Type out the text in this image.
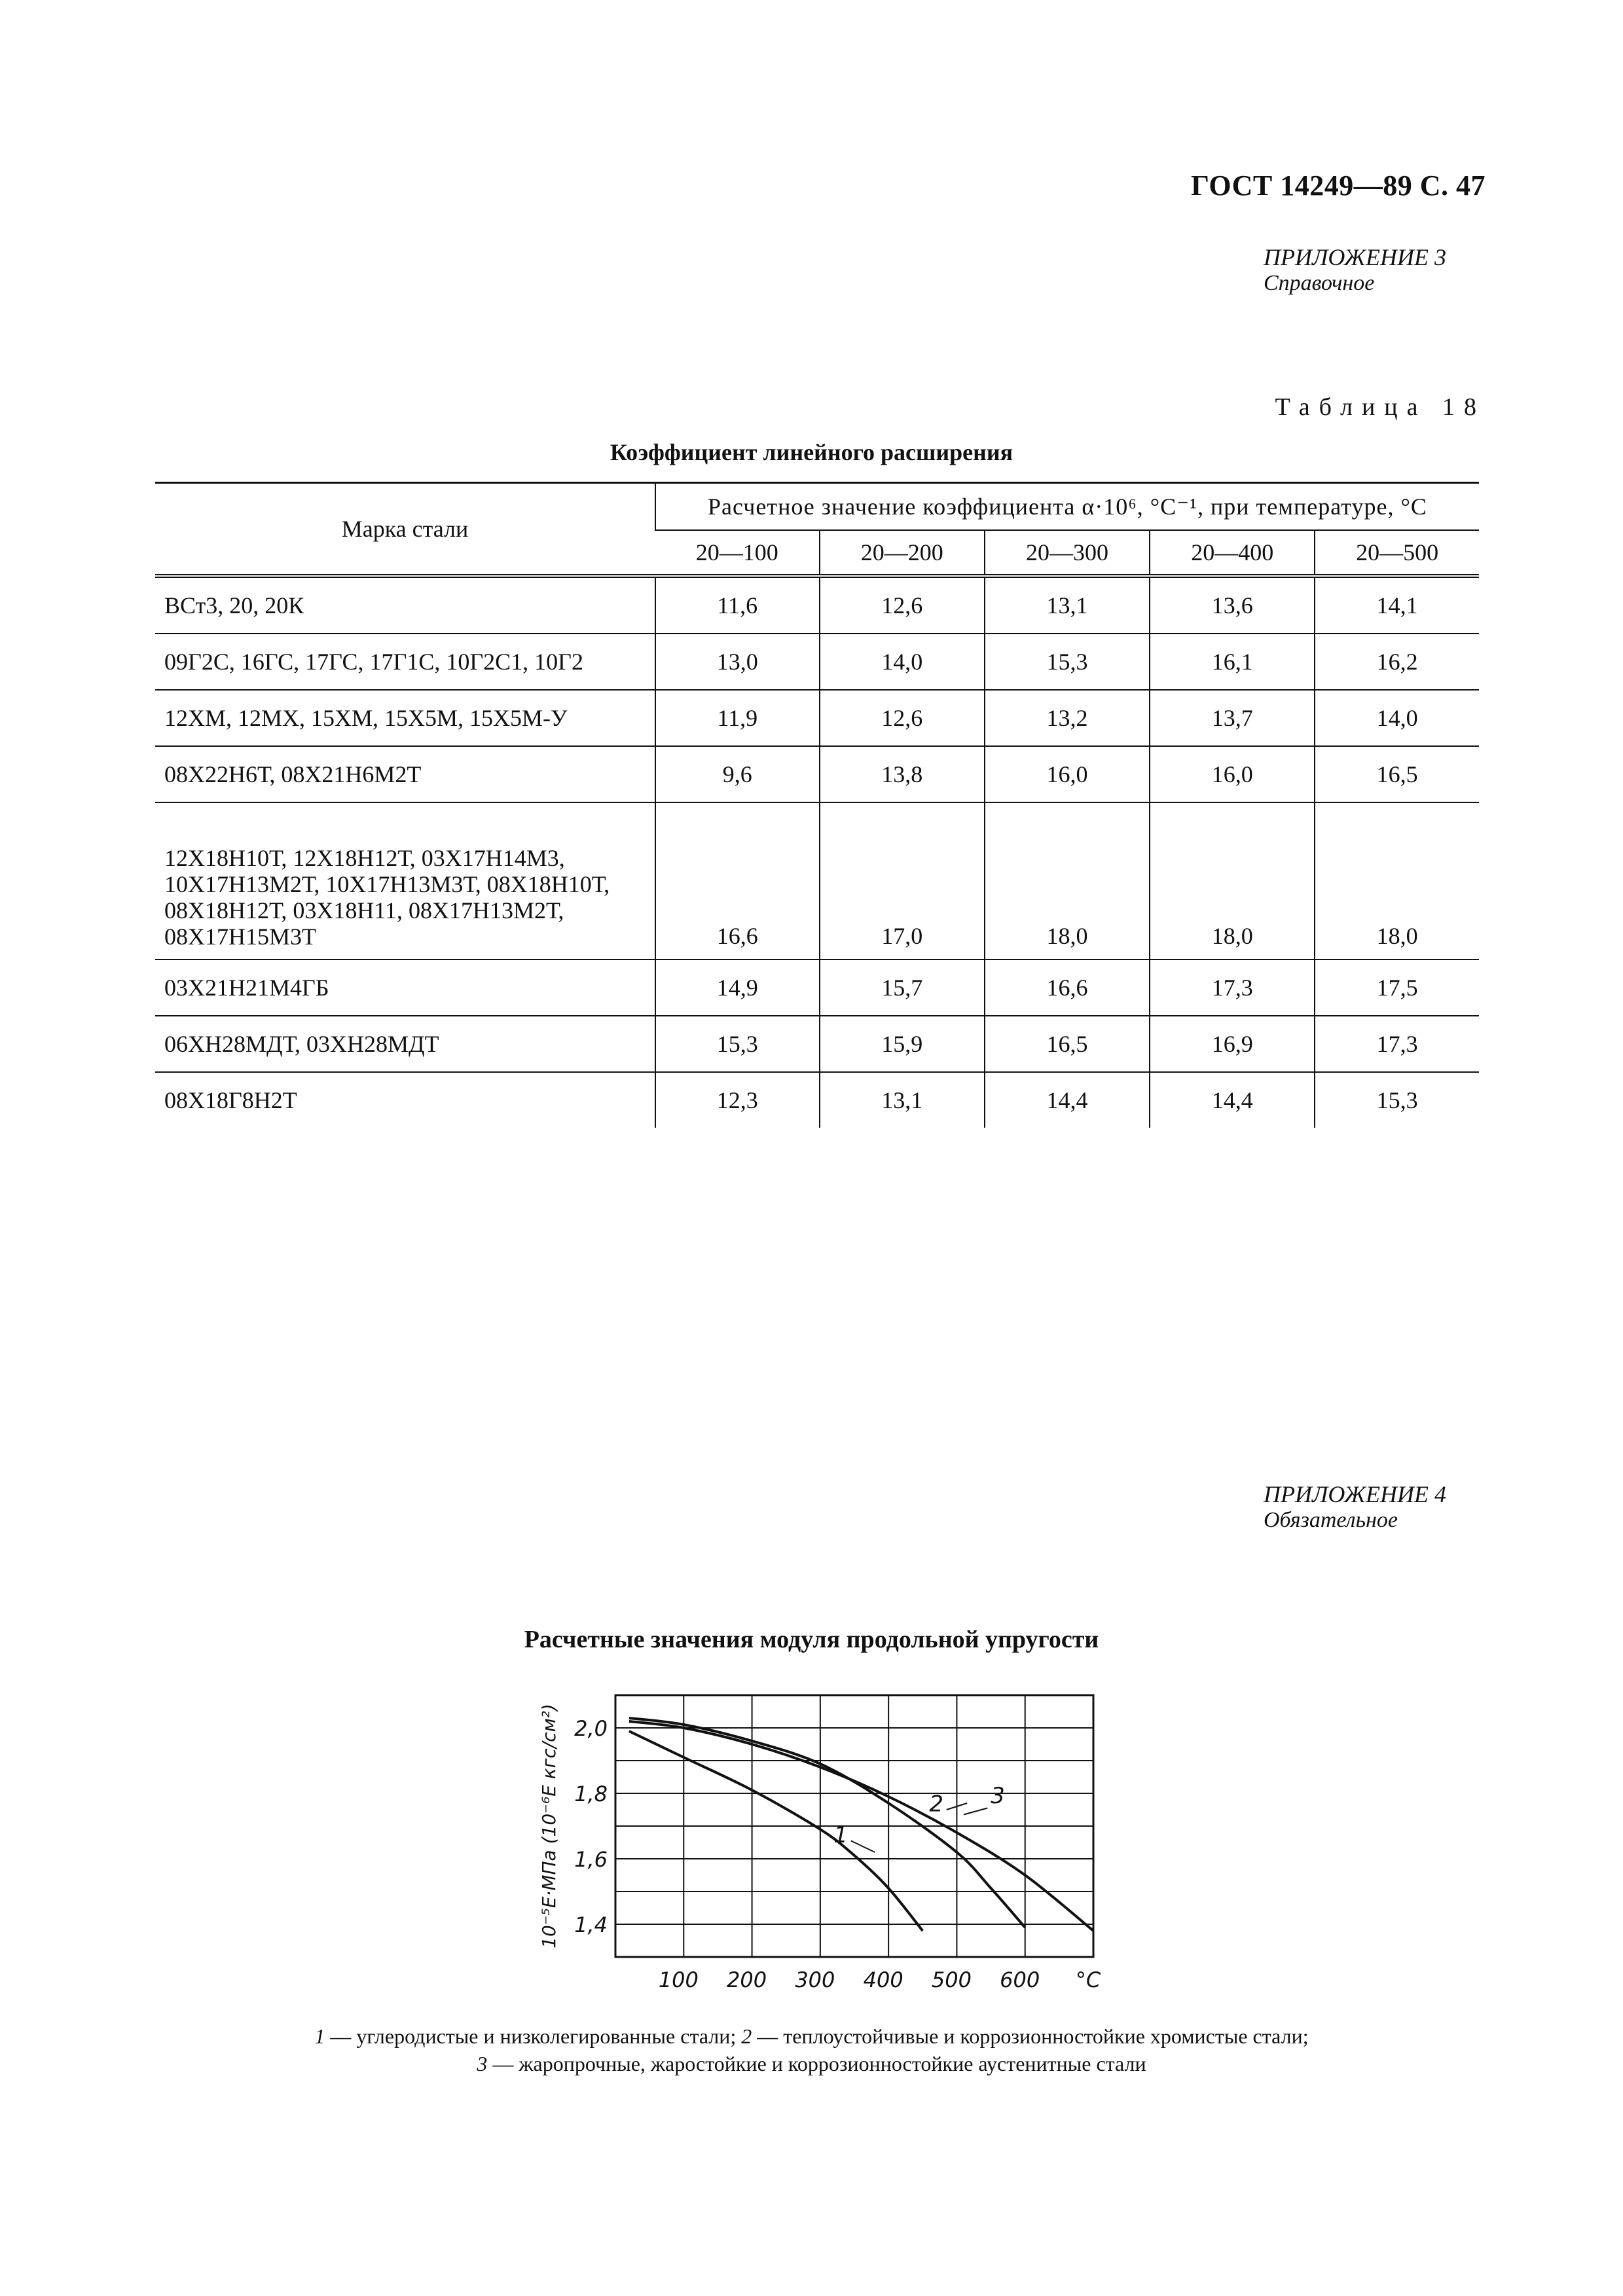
ГОСТ 14249—89 С. 47
ПРИЛОЖЕНИЕ 3
Справочное
Таблица 18
Коэффициент линейного расширения
Марка стали	Расчетное значение коэффициента α·10⁶, °C⁻¹, при температуре, °С				
	20—100	20—200	20—300	20—400	20—500
ВСт3, 20, 20К	11,6	12,6	13,1	13,6	14,1
09Г2С, 16ГС, 17ГС, 17Г1С, 10Г2С1, 10Г2	13,0	14,0	15,3	16,1	16,2
12ХМ, 12МХ, 15ХМ, 15Х5М, 15Х5М-У	11,9	12,6	13,2	13,7	14,0
08Х22Н6Т, 08Х21Н6М2Т	9,6	13,8	16,0	16,0	16,5
12Х18Н10Т, 12Х18Н12Т, 03Х17Н14М3, 10Х17Н13М2Т, 10Х17Н13М3Т, 08Х18Н10Т, 08Х18Н12Т, 03Х18Н11, 08Х17Н13М2Т, 08Х17Н15М3Т	16,6	17,0	18,0	18,0	18,0
03Х21Н21М4ГБ	14,9	15,7	16,6	17,3	17,5
06ХН28МДТ, 03ХН28МДТ	15,3	15,9	16,5	16,9	17,3
08Х18Г8Н2Т	12,3	13,1	14,4	14,4	15,3
ПРИЛОЖЕНИЕ 4
Обязательное
Расчетные значения модуля продольной упругости
2,0
1,8
1,6
1,4
100 200 300 400 500 600 °С
10⁻⁵E·МПа (10⁻⁶E кгс/см²)	1
2 3
1 — углеродистые и низколегированные стали; 2 — теплоустойчивые и коррозионностойкие хромистые стали;
3 — жаропрочные, жаростойкие и коррозионностойкие аустенитные стали
